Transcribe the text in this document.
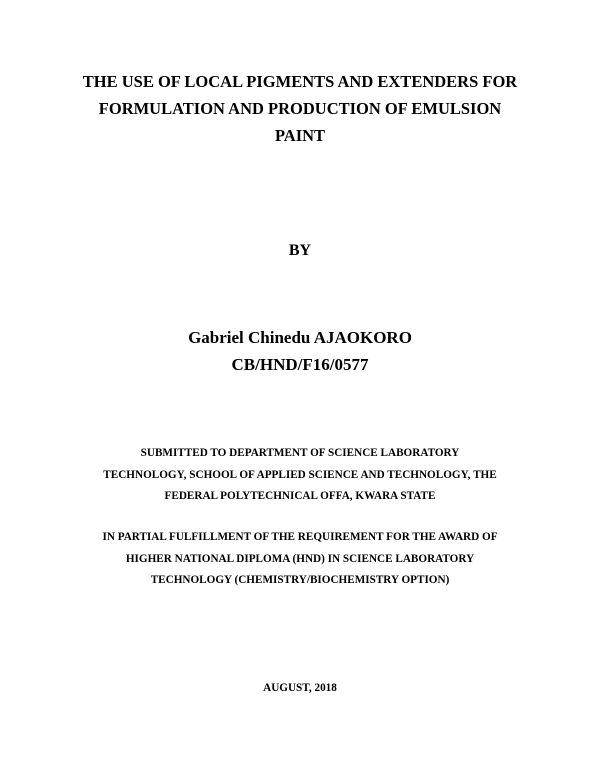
THE USE OF LOCAL PIGMENTS AND EXTENDERS FOR
FORMULATION AND PRODUCTION OF EMULSION
PAINT
BY
Gabriel Chinedu AJAOKORO
CB/HND/F16/0577
SUBMITTED TO DEPARTMENT OF SCIENCE LABORATORY
TECHNOLOGY, SCHOOL OF APPLIED SCIENCE AND TECHNOLOGY, THE
FEDERAL POLYTECHNICAL OFFA, KWARA STATE
IN PARTIAL FULFILLMENT OF THE REQUIREMENT FOR THE AWARD OF
HIGHER NATIONAL DIPLOMA (HND) IN SCIENCE LABORATORY
TECHNOLOGY (CHEMISTRY/BIOCHEMISTRY OPTION)
AUGUST, 2018
